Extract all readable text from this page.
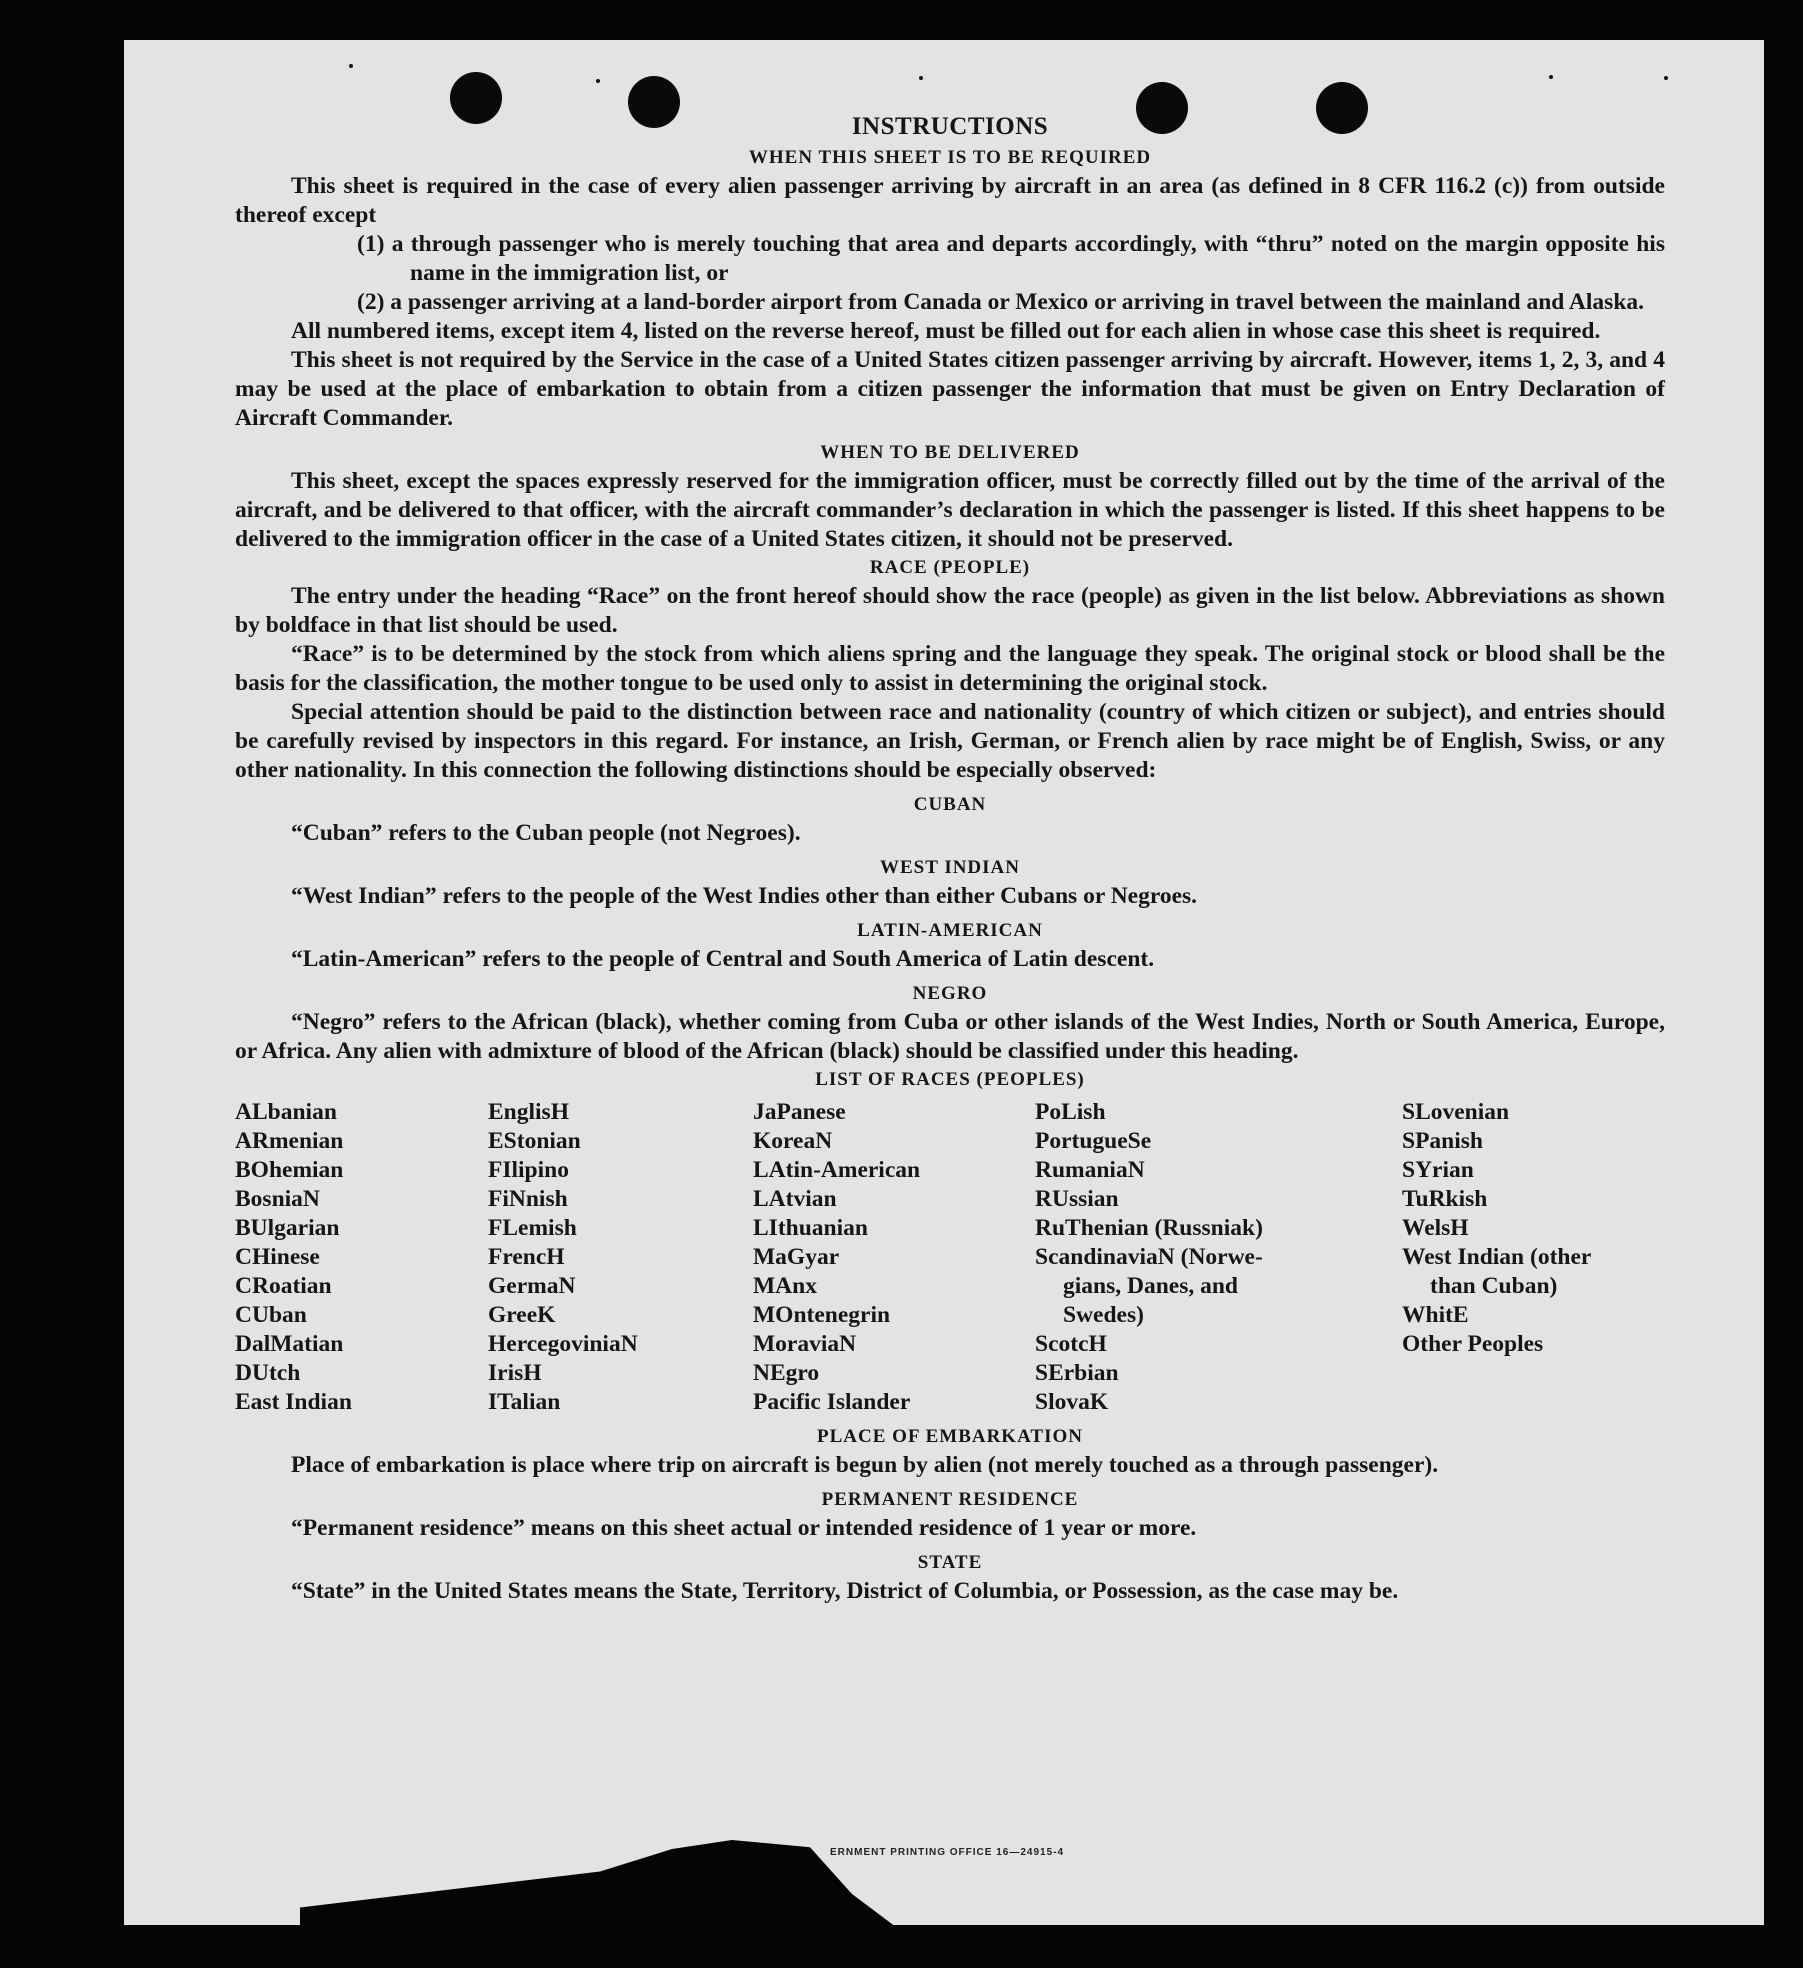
INSTRUCTIONS
WHEN THIS SHEET IS TO BE REQUIRED

This sheet is required in the case of every alien passenger arriving by aircraft in an area (as defined in 8 CFR 116.2 (c)) from outside thereof except

(1) a through passenger who is merely touching that area and departs accordingly, with “thru” noted on the margin opposite his name in the immigration list, or
(2) a passenger arriving at a land-border airport from Canada or Mexico or arriving in travel between the mainland and Alaska.

All numbered items, except item 4, listed on the reverse hereof, must be filled out for each alien in whose case this sheet is required.

This sheet is not required by the Service in the case of a United States citizen passenger arriving by aircraft. However, items 1, 2, 3, and 4 may be used at the place of embarkation to obtain from a citizen passenger the information that must be given on Entry Declaration of Aircraft Commander.

WHEN TO BE DELIVERED

This sheet, except the spaces expressly reserved for the immigration officer, must be correctly filled out by the time of the arrival of the aircraft, and be delivered to that officer, with the aircraft commander’s declaration in which the passenger is listed. If this sheet happens to be delivered to the immigration officer in the case of a United States citizen, it should not be preserved.

RACE (PEOPLE)

The entry under the heading “Race” on the front hereof should show the race (people) as given in the list below. Abbreviations as shown by boldface in that list should be used.

“Race” is to be determined by the stock from which aliens spring and the language they speak. The original stock or blood shall be the basis for the classification, the mother tongue to be used only to assist in determining the original stock.

Special attention should be paid to the distinction between race and nationality (country of which citizen or subject), and entries should be carefully revised by inspectors in this regard. For instance, an Irish, German, or French alien by race might be of English, Swiss, or any other nationality. In this connection the following distinctions should be especially observed:

CUBAN

“Cuban” refers to the Cuban people (not Negroes).

WEST INDIAN

“West Indian” refers to the people of the West Indies other than either Cubans or Negroes.

LATIN-AMERICAN

“Latin-American” refers to the people of Central and South America of Latin descent.

NEGRO

“Negro” refers to the African (black), whether coming from Cuba or other islands of the West Indies, North or South America, Europe, or Africa. Any alien with admixture of blood of the African (black) should be classified under this heading.

LIST OF RACES (PEOPLES)
ALbanian
ARmenian
BOhemian
BosniaN
BUlgarian
CHinese
CRoatian
CUban
DalMatian
DUtch
East Indian
EnglisH
EStonian
FIlipino
FiNnish
FLemish
FrencH
GermaN
GreeK
HercegoviniaN
IrisH
ITalian
JaPanese
KoreaN
LAtin-American
LAtvian
LIthuanian
MaGyar
MAnx
MOntenegrin
MoraviaN
NEgro
Pacific Islander
PoLish
PortugueSe
RumaniaN
RUssian
RuThenian (Russniak)
ScandinaviaN (Norwe-
gians, Danes, and
Swedes)
ScotcH
SErbian
SlovaK
SLovenian
SPanish
SYrian
TuRkish
WelsH
West Indian (other
than Cuban)
WhitE
Other Peoples
PLACE OF EMBARKATION

Place of embarkation is place where trip on aircraft is begun by alien (not merely touched as a through passenger).

PERMANENT RESIDENCE

“Permanent residence” means on this sheet actual or intended residence of 1 year or more.

STATE

“State” in the United States means the State, Territory, District of Columbia, or Possession, as the case may be.

ERNMENT PRINTING OFFICE 16—24915-4
